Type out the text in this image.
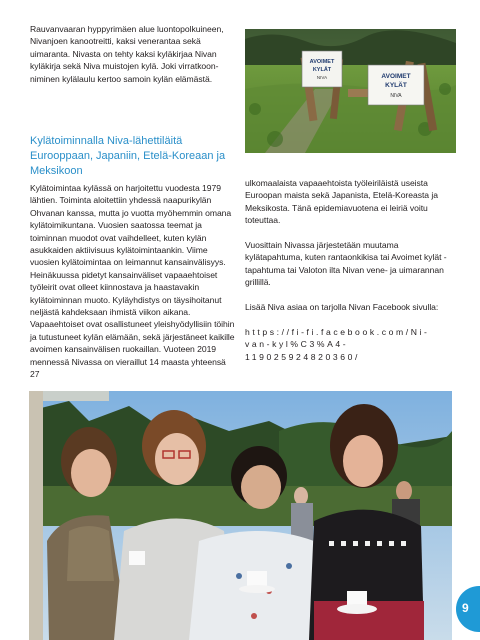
Rauvanvaaran hyppyrimäen alue luontopolkuineen, Nivanjoen kanootreitti, kaksi venerantaa sekä uimaranta. Nivasta on tehty kaksi kyläkirjaa Nivan kyläkirja sekä Niva muistojen kylä. Joki virratkoon-niminen kylälaulu kertoo samoin kylän elämästä.

Kylätoiminnalla Niva-lähettiläitä Eurooppaan, Japaniin, Etelä-Koreaan ja Meksikoon

Kylätoimintaa kylässä on harjoitettu vuodesta 1979 lähtien. Toiminta aloitettiin yhdessä naapurikylän Ohvanan kanssa, mutta jo vuotta myöhemmin omana kylätoimikuntana. Vuosien saatossa teemat ja toiminnan muodot ovat vaihdelleet, kuten kylän asukkaiden aktiivisuus kylätoimintaankin. Viime vuosien kylätoimintaa on leimannut kansainvälisyys. Heinäkuussa pidetyt kansainväliset vapaaehtoiset työleirit ovat olleet kiinnostava ja haastavakin kylätoiminnan muoto. Kyläyhdistys on täysihoitanut neljästä kahdeksaan ihmistä viikon aikana. Vapaaehtoiset ovat osallistuneet yleishyödyllisiin töihin ja tutustuneet kylän elämään, sekä järjestäneet kaikille avoimen kansainvälisen ruokaillan. Vuoteen 2019 mennessä Nivassa on vieraillut 14 maasta yhteensä 27

ulkomaalaista vapaaehtoista työleiriläistä useista Euroopan maista sekä Japanista, Etelä-Koreasta ja Meksikosta. Tänä epidemiavuotena ei leiriä voitu toteuttaa.

Vuosittain Nivassa järjestetään muutama kylätapahtuma, kuten rantaonkikisa tai Avoimet kylät -tapahtuma tai Valoton ilta Nivan vene- ja uimarannan grillillä.

Lisää Niva asiaa on tarjolla Nivan Facebook sivulla:

https://fi-fi.facebook.com/Ni-
van-kyl%C3%A4-119025924820360/

AVOIMET
KYLÄT
NIVA	AVOIMET
KYLÄT
NIVA
9
